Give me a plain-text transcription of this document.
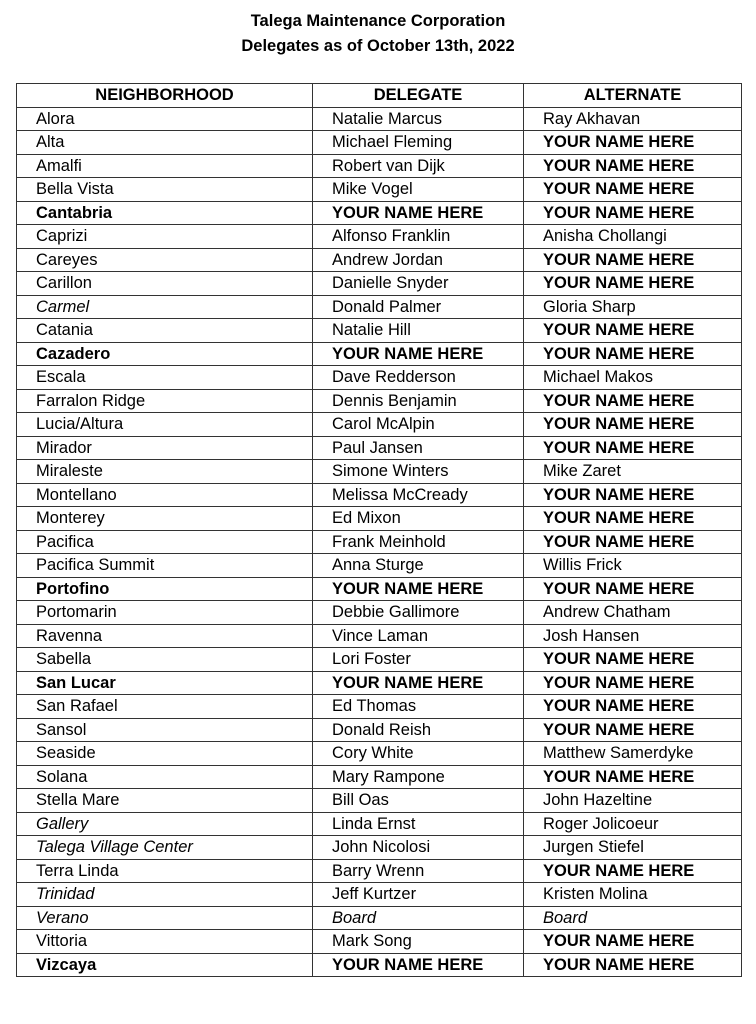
Talega Maintenance Corporation
Delegates as of October 13th, 2022
NEIGHBORHOOD	DELEGATE	ALTERNATE
Alora	Natalie Marcus	Ray Akhavan
Alta	Michael Fleming	YOUR NAME HERE
Amalfi	Robert van Dijk	YOUR NAME HERE
Bella Vista	Mike Vogel	YOUR NAME HERE
Cantabria	YOUR NAME HERE	YOUR NAME HERE
Caprizi	Alfonso Franklin	Anisha Chollangi
Careyes	Andrew Jordan	YOUR NAME HERE
Carillon	Danielle Snyder	YOUR NAME HERE
Carmel	Donald Palmer	Gloria Sharp
Catania	Natalie Hill	YOUR NAME HERE
Cazadero	YOUR NAME HERE	YOUR NAME HERE
Escala	Dave Redderson	Michael Makos
Farralon Ridge	Dennis Benjamin	YOUR NAME HERE
Lucia/Altura	Carol McAlpin	YOUR NAME HERE
Mirador	Paul Jansen	YOUR NAME HERE
Miraleste	Simone Winters	Mike Zaret
Montellano	Melissa McCready	YOUR NAME HERE
Monterey	Ed Mixon	YOUR NAME HERE
Pacifica	Frank Meinhold	YOUR NAME HERE
Pacifica Summit	Anna Sturge	Willis Frick
Portofino	YOUR NAME HERE	YOUR NAME HERE
Portomarin	Debbie Gallimore	Andrew Chatham
Ravenna	Vince Laman	Josh Hansen
Sabella	Lori Foster	YOUR NAME HERE
San Lucar	YOUR NAME HERE	YOUR NAME HERE
San Rafael	Ed Thomas	YOUR NAME HERE
Sansol	Donald Reish	YOUR NAME HERE
Seaside	Cory White	Matthew Samerdyke
Solana	Mary Rampone	YOUR NAME HERE
Stella Mare	Bill Oas	John Hazeltine
Gallery	Linda Ernst	Roger Jolicoeur
Talega Village Center	John Nicolosi	Jurgen Stiefel
Terra Linda	Barry Wrenn	YOUR NAME HERE
Trinidad	Jeff Kurtzer	Kristen Molina
Verano	Board	Board
Vittoria	Mark Song	YOUR NAME HERE
Vizcaya	YOUR NAME HERE	YOUR NAME HERE
